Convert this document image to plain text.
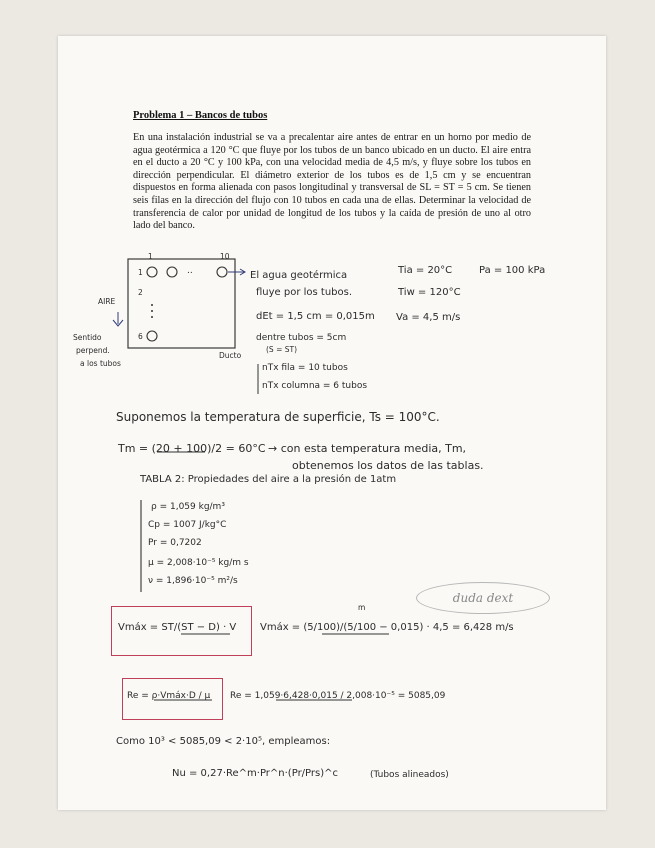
Problema 1 – Bancos de tubos
En una instalación industrial se va a precalentar aire antes de entrar en un horno por medio de agua geotérmica a 120 °C que fluye por los tubos de un banco ubicado en un ducto. El aire entra en el ducto a 20 °C y 100 kPa, con una velocidad media de 4,5 m/s, y fluye sobre los tubos en dirección perpendicular. El diámetro exterior de los tubos es de 1,5 cm y se encuentran dispuestos en forma alienada con pasos longitudinal y transversal de SL = ST = 5 cm. Se tienen seis filas en la dirección del flujo con 10 tubos en cada una de ellas. Determinar la velocidad de transferencia de calor por unidad de longitud de los tubos y la caída de presión de uno al otro lado del banco.
1	10
1
2
6
..
AIRE
Sentido
perpend.
a los tubos
Ducto
El agua geotérmica
fluye por los tubos.
Tia = 20°C	Pa = 100 kPa
Tiw = 120°C
dEt = 1,5 cm = 0,015m Va = 4,5 m/s
dentre tubos = 5cm
(S = ST)
nTx fila = 10 tubos
nTx columna = 6 tubos
Suponemos la temperatura de superficie, Ts = 100°C.
Tm = (20 + 100)/2 = 60°C → con esta temperatura media, Tm,
obtenemos los datos de las tablas.
TABLA 2: Propiedades del aire a la presión de 1atm
ρ = 1,059 kg/m³
Cp = 1007 J/kg°C
Pr = 0,7202
μ = 2,008·10⁻⁵ kg/m s
ν = 1,896·10⁻⁵ m²/s
duda dext
Vmáx = ST/(ST − D) · V
m
Vmáx = (5/100)/(5/100 − 0,015) · 4,5 = 6,428 m/s
Re = ρ·Vmáx·D / μ Re = 1,059·6,428·0,015 / 2,008·10⁻⁵ = 5085,09
Como 10³ < 5085,09 < 2·10⁵, empleamos:
Nu = 0,27·Re^m·Pr^n·(Pr/Prs)^c	(Tubos alineados)
